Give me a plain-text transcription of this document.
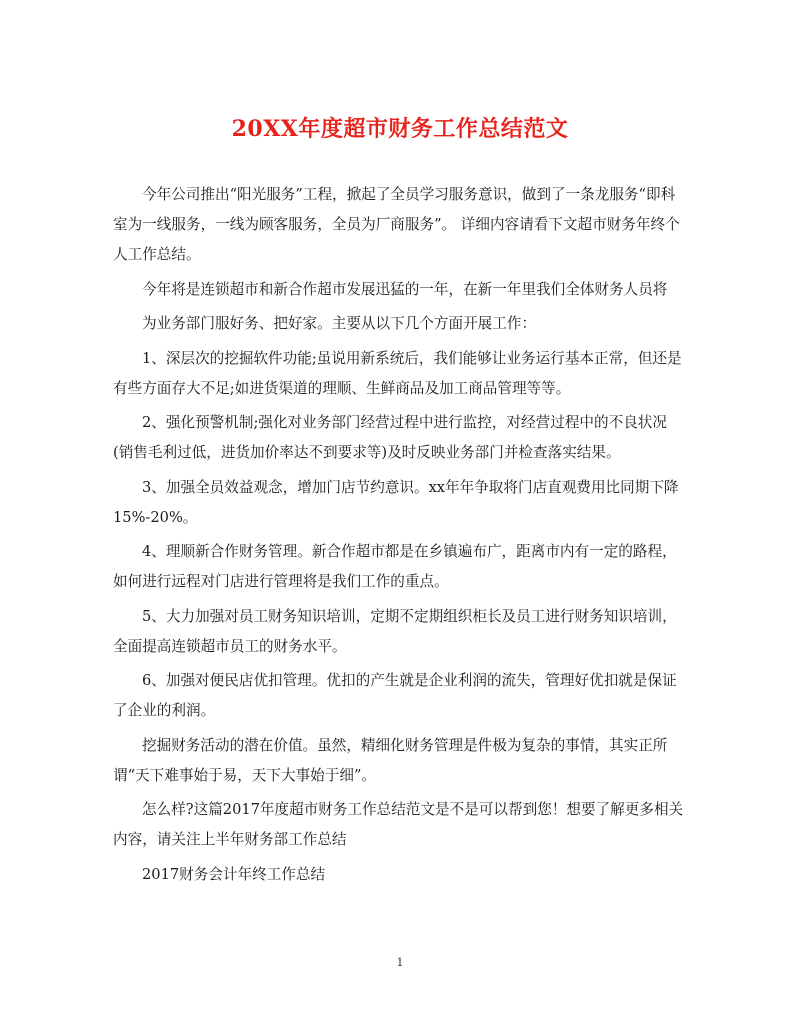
20XX年度超市财务工作总结范文

今年公司推出“阳光服务”工程，掀起了全员学习服务意识，做到了一条龙服务“即科室为一线服务，一线为顾客服务，全员为厂商服务”。 详细内容请看下文超市财务年终个人工作总结。

今年将是连锁超市和新合作超市发展迅猛的一年，在新一年里我们全体财务人员将

为业务部门服好务、把好家。主要从以下几个方面开展工作：

1、深层次的挖掘软件功能;虽说用新系统后，我们能够让业务运行基本正常，但还是有些方面存大不足;如进货渠道的理顺、生鲜商品及加工商品管理等等。

2、强化预警机制;强化对业务部门经营过程中进行监控，对经营过程中的不良状况(销售毛利过低，进货加价率达不到要求等)及时反映业务部门并检查落实结果。

3、加强全员效益观念，增加门店节约意识。xx年年争取将门店直观费用比同期下降15%-20%。

4、理顺新合作财务管理。新合作超市都是在乡镇遍布广，距离市内有一定的路程，如何进行远程对门店进行管理将是我们工作的重点。

5、大力加强对员工财务知识培训，定期不定期组织柜长及员工进行财务知识培训，全面提高连锁超市员工的财务水平。

6、加强对便民店优扣管理。优扣的产生就是企业利润的流失，管理好优扣就是保证了企业的利润。

挖掘财务活动的潜在价值。虽然，精细化财务管理是件极为复杂的事情，其实正所谓“天下难事始于易，天下大事始于细”。

怎么样?这篇2017年度超市财务工作总结范文是不是可以帮到您！想要了解更多相关内容，请关注上半年财务部工作总结

2017财务会计年终工作总结

1
